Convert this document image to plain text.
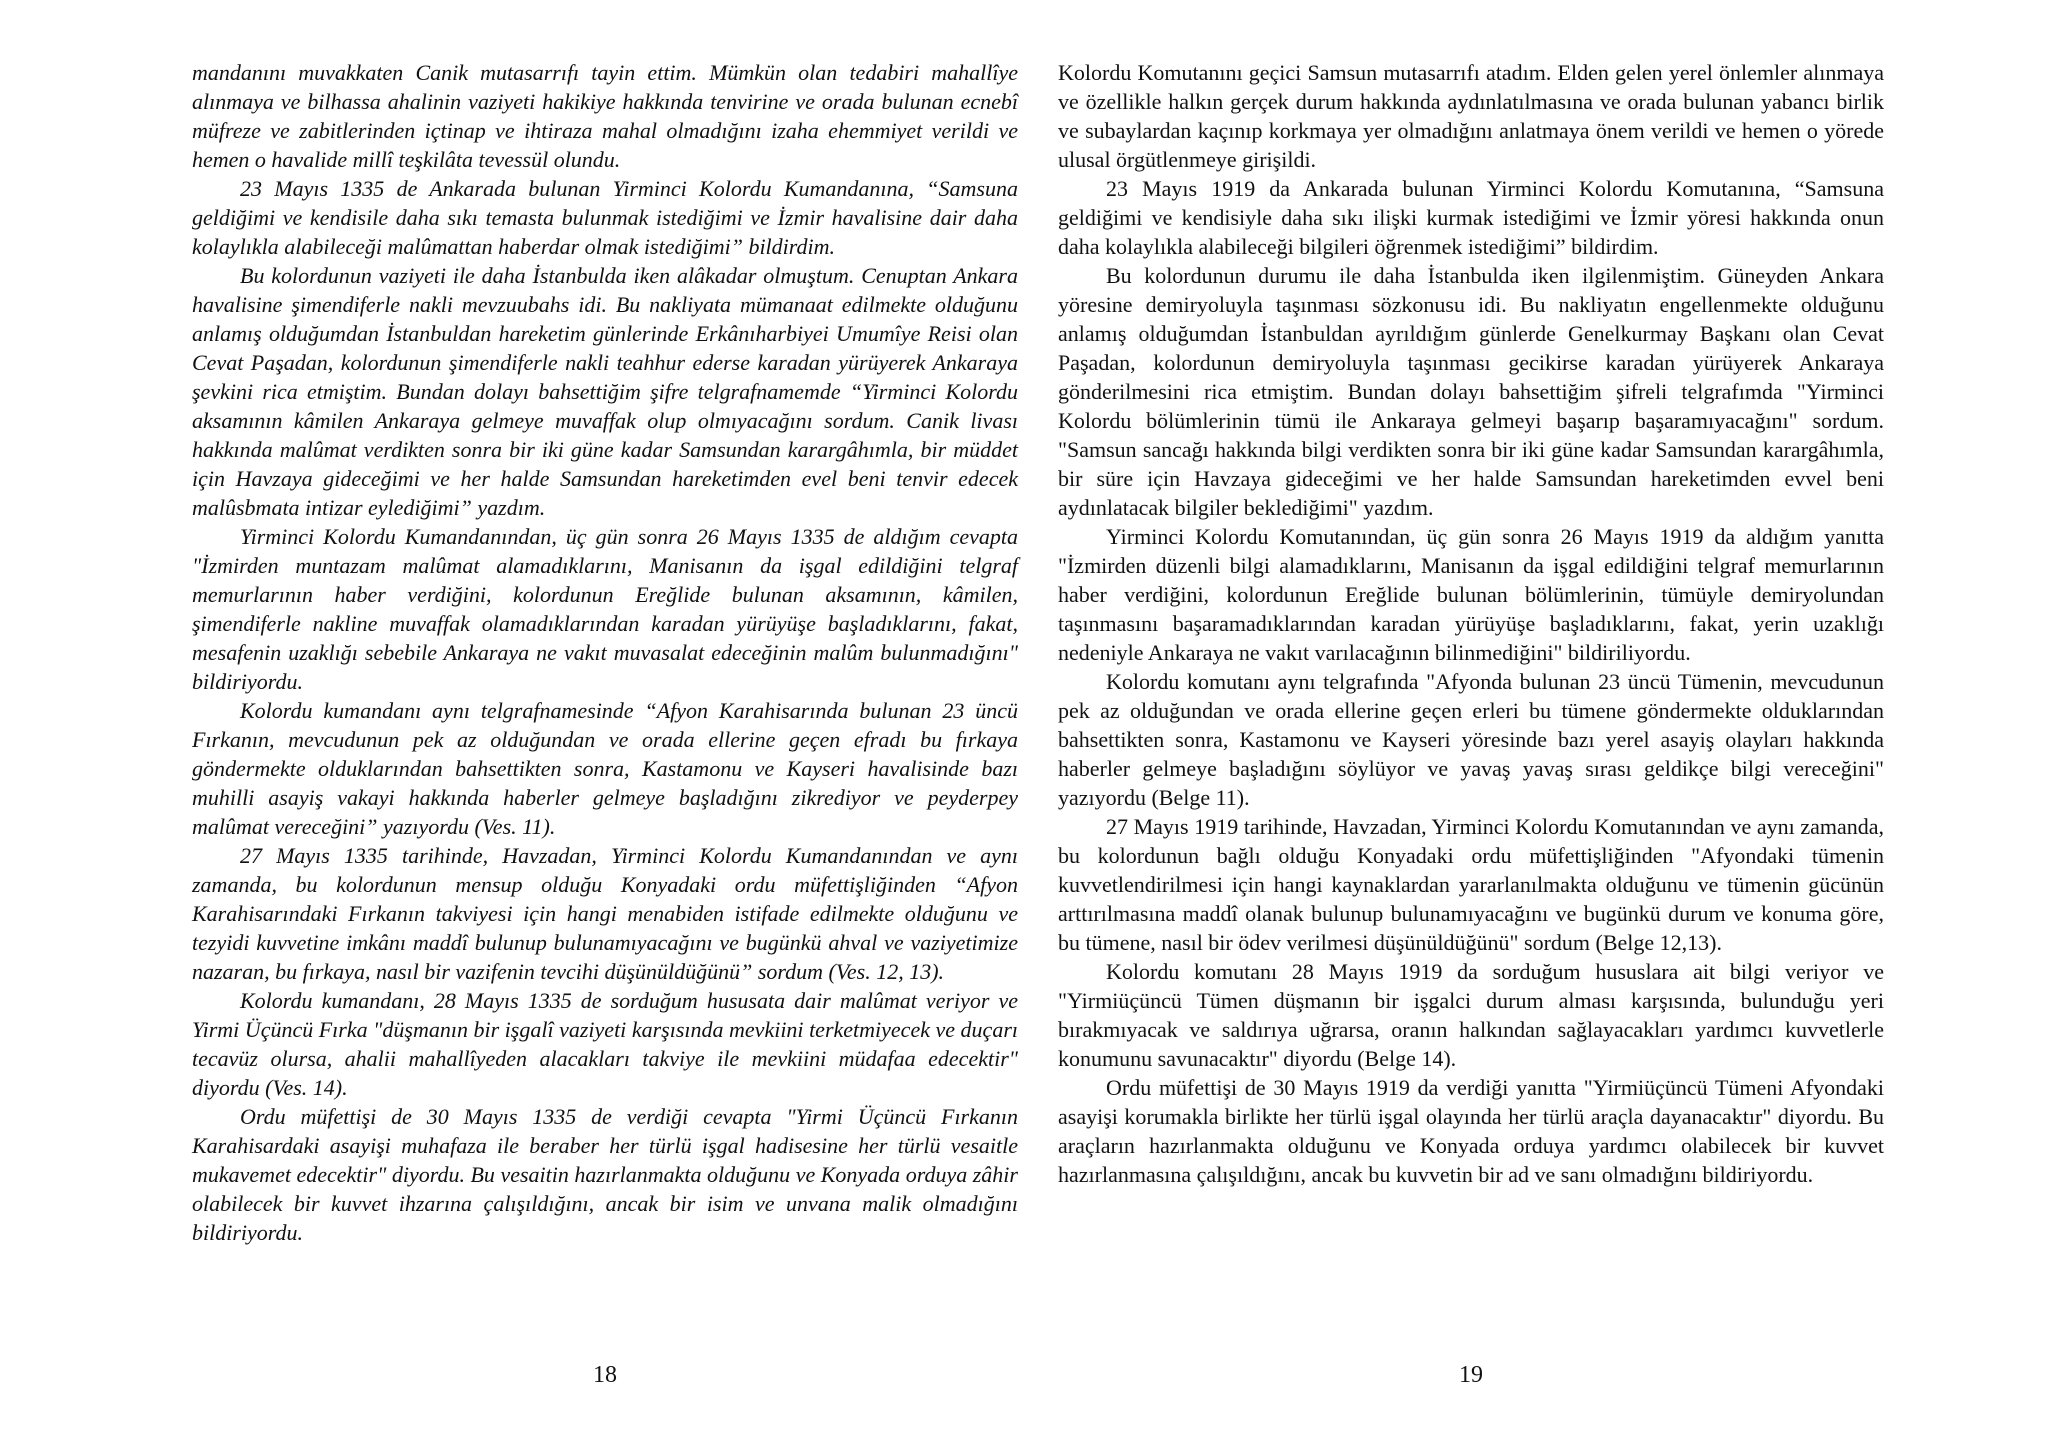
mandanını muvakkaten Canik mutasarrıfı tayin ettim. Mümkün olan tedabiri mahallîye alınmaya ve bilhassa ahalinin vaziyeti hakikiye hakkında tenvirine ve orada bulunan ecnebî müfreze ve zabitlerinden içtinap ve ihtiraza mahal olmadığını izaha ehemmiyet verildi ve hemen o havalide millî teşkilâta tevessül olundu.

23 Mayıs 1335 de Ankarada bulunan Yirminci Kolordu Kumandanına, “Samsuna geldiğimi ve kendisile daha sıkı temasta bulunmak istediğimi ve İzmir havalisine dair daha kolaylıkla alabileceği malûmattan haberdar olmak istediğimi” bildirdim.

Bu kolordunun vaziyeti ile daha İstanbulda iken alâkadar olmuştum. Cenuptan Ankara havalisine şimendiferle nakli mevzuubahs idi. Bu nakliyata mümanaat edilmekte olduğunu anlamış olduğumdan İstanbuldan hareketim günlerinde Erkânıharbiyei Umumîye Reisi olan Cevat Paşadan, kolordunun şimendiferle nakli teahhur ederse karadan yürüyerek Ankaraya şevkini rica etmiştim. Bundan dolayı bahsettiğim şifre telgrafnamemde “Yirminci Kolordu aksamının kâmilen Ankaraya gelmeye muvaffak olup olmıyacağını sordum. Canik livası hakkında malûmat verdikten sonra bir iki güne kadar Samsundan karargâhımla, bir müddet için Havzaya gideceğimi ve her halde Samsundan hareketimden evel beni tenvir edecek malûsbmata intizar eylediğimi” yazdım.

Yirminci Kolordu Kumandanından, üç gün sonra 26 Mayıs 1335 de aldığım cevapta "İzmirden muntazam malûmat alamadıklarını, Manisanın da işgal edildiğini telgraf memurlarının haber verdiğini, kolordunun Ereğlide bulunan aksamının, kâmilen, şimendiferle nakline muvaffak olamadıklarından karadan yürüyüşe başladıklarını, fakat, mesafenin uzaklığı sebebile Ankaraya ne vakıt muvasalat edeceğinin malûm bulunmadığını" bildiriyordu.

Kolordu kumandanı aynı telgrafnamesinde “Afyon Karahisarında bulunan 23 üncü Fırkanın, mevcudunun pek az olduğundan ve orada ellerine geçen efradı bu fırkaya göndermekte olduklarından bahsettikten sonra, Kastamonu ve Kayseri havalisinde bazı muhilli asayiş vakayi hakkında haberler gelmeye başladığını zikrediyor ve peyderpey malûmat vereceğini” yazıyordu (Ves. 11).

27 Mayıs 1335 tarihinde, Havzadan, Yirminci Kolordu Kumandanından ve aynı zamanda, bu kolordunun mensup olduğu Konyadaki ordu müfettişliğinden “Afyon Karahisarındaki Fırkanın takviyesi için hangi menabiden istifade edilmekte olduğunu ve tezyidi kuvvetine imkânı maddî bulunup bulunamıyacağını ve bugünkü ahval ve vaziyetimize nazaran, bu fırkaya, nasıl bir vazifenin tevcihi düşünüldüğünü” sordum (Ves. 12, 13).

Kolordu kumandanı, 28 Mayıs 1335 de sorduğum hususata dair malûmat veriyor ve Yirmi Üçüncü Fırka "düşmanın bir işgalî vaziyeti karşısında mevkiini terketmiyecek ve duçarı tecavüz olursa, ahalii mahallîyeden alacakları takviye ile mevkiini müdafaa edecektir" diyordu (Ves. 14).

Ordu müfettişi de 30 Mayıs 1335 de verdiği cevapta "Yirmi Üçüncü Fırkanın Karahisardaki asayişi muhafaza ile beraber her türlü işgal hadisesine her türlü vesaitle mukavemet edecektir" diyordu. Bu vesaitin hazırlanmakta olduğunu ve Konyada orduya zâhir olabilecek bir kuvvet ihzarına çalışıldığını, ancak bir isim ve unvana malik olmadığını bildiriyordu.

18

Kolordu Komutanını geçici Samsun mutasarrıfı atadım. Elden gelen yerel önlemler alınmaya ve özellikle halkın gerçek durum hakkında aydınlatılmasına ve orada bulunan yabancı birlik ve subaylardan kaçınıp korkmaya yer olmadığını anlatmaya önem verildi ve hemen o yörede ulusal örgütlenmeye girişildi.

23 Mayıs 1919 da Ankarada bulunan Yirminci Kolordu Komutanına, “Samsuna geldiğimi ve kendisiyle daha sıkı ilişki kurmak istediğimi ve İzmir yöresi hakkında onun daha kolaylıkla alabileceği bilgileri öğrenmek istediğimi” bildirdim.

Bu kolordunun durumu ile daha İstanbulda iken ilgilenmiştim. Güneyden Ankara yöresine demiryoluyla taşınması sözkonusu idi. Bu nakliyatın engellenmekte olduğunu anlamış olduğumdan İstanbuldan ayrıldığım günlerde Genelkurmay Başkanı olan Cevat Paşadan, kolordunun demiryoluyla taşınması gecikirse karadan yürüyerek Ankaraya gönderilmesini rica etmiştim. Bundan dolayı bahsettiğim şifreli telgrafımda "Yirminci Kolordu bölümlerinin tümü ile Ankaraya gelmeyi başarıp başaramıyacağını" sordum. "Samsun sancağı hakkında bilgi verdikten sonra bir iki güne kadar Samsundan karargâhımla, bir süre için Havzaya gideceğimi ve her halde Samsundan hareketimden evvel beni aydınlatacak bilgiler beklediğimi" yazdım.

Yirminci Kolordu Komutanından, üç gün sonra 26 Mayıs 1919 da aldığım yanıtta "İzmirden düzenli bilgi alamadıklarını, Manisanın da işgal edildiğini telgraf memurlarının haber verdiğini, kolordunun Ereğlide bulunan bölümlerinin, tümüyle demiryolundan taşınmasını başaramadıklarından karadan yürüyüşe başladıklarını, fakat, yerin uzaklığı nedeniyle Ankaraya ne vakıt varılacağının bilinmediğini" bildiriliyordu.

Kolordu komutanı aynı telgrafında "Afyonda bulunan 23 üncü Tümenin, mevcudunun pek az olduğundan ve orada ellerine geçen erleri bu tümene göndermekte olduklarından bahsettikten sonra, Kastamonu ve Kayseri yöresinde bazı yerel asayiş olayları hakkında haberler gelmeye başladığını söylüyor ve yavaş yavaş sırası geldikçe bilgi vereceğini" yazıyordu (Belge 11).

27 Mayıs 1919 tarihinde, Havzadan, Yirminci Kolordu Komutanından ve aynı zamanda, bu kolordunun bağlı olduğu Konyadaki ordu müfettişliğinden "Afyondaki tümenin kuvvetlendirilmesi için hangi kaynaklardan yararlanılmakta olduğunu ve tümenin gücünün arttırılmasına maddî olanak bulunup bulunamıyacağını ve bugünkü durum ve konuma göre, bu tümene, nasıl bir ödev verilmesi düşünüldüğünü" sordum (Belge 12,13).

Kolordu komutanı 28 Mayıs 1919 da sorduğum hususlara ait bilgi veriyor ve "Yirmiüçüncü Tümen düşmanın bir işgalci durum alması karşısında, bulunduğu yeri bırakmıyacak ve saldırıya uğrarsa, oranın halkından sağlayacakları yardımcı kuvvetlerle konumunu savunacaktır" diyordu (Belge 14).

Ordu müfettişi de 30 Mayıs 1919 da verdiği yanıtta "Yirmiüçüncü Tümeni Afyondaki asayişi korumakla birlikte her türlü işgal olayında her türlü araçla dayanacaktır" diyordu. Bu araçların hazırlanmakta olduğunu ve Konyada orduya yardımcı olabilecek bir kuvvet hazırlanmasına çalışıldığını, ancak bu kuvvetin bir ad ve sanı olmadığını bildiriyordu.

19
